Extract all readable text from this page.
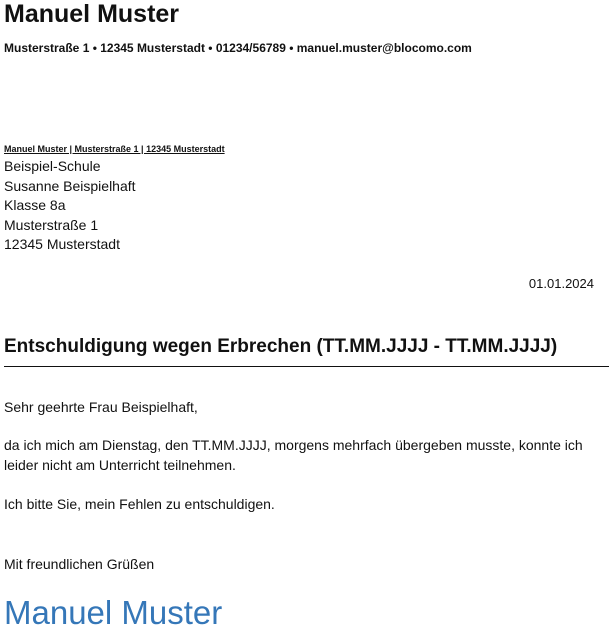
Manuel Muster
Musterstraße 1 • 12345 Musterstadt • 01234/56789 • manuel.muster@blocomo.com
Manuel Muster | Musterstraße 1 | 12345 Musterstadt
Beispiel-Schule
Susanne Beispielhaft
Klasse 8a
Musterstraße 1
12345 Musterstadt
01.01.2024
Entschuldigung wegen Erbrechen (TT.MM.JJJJ - TT.MM.JJJJ)
Sehr geehrte Frau Beispielhaft,
da ich mich am Dienstag, den TT.MM.JJJJ, morgens mehrfach übergeben musste, konnte ich leider nicht am Unterricht teilnehmen.
Ich bitte Sie, mein Fehlen zu entschuldigen.
Mit freundlichen Grüßen
Manuel Muster
